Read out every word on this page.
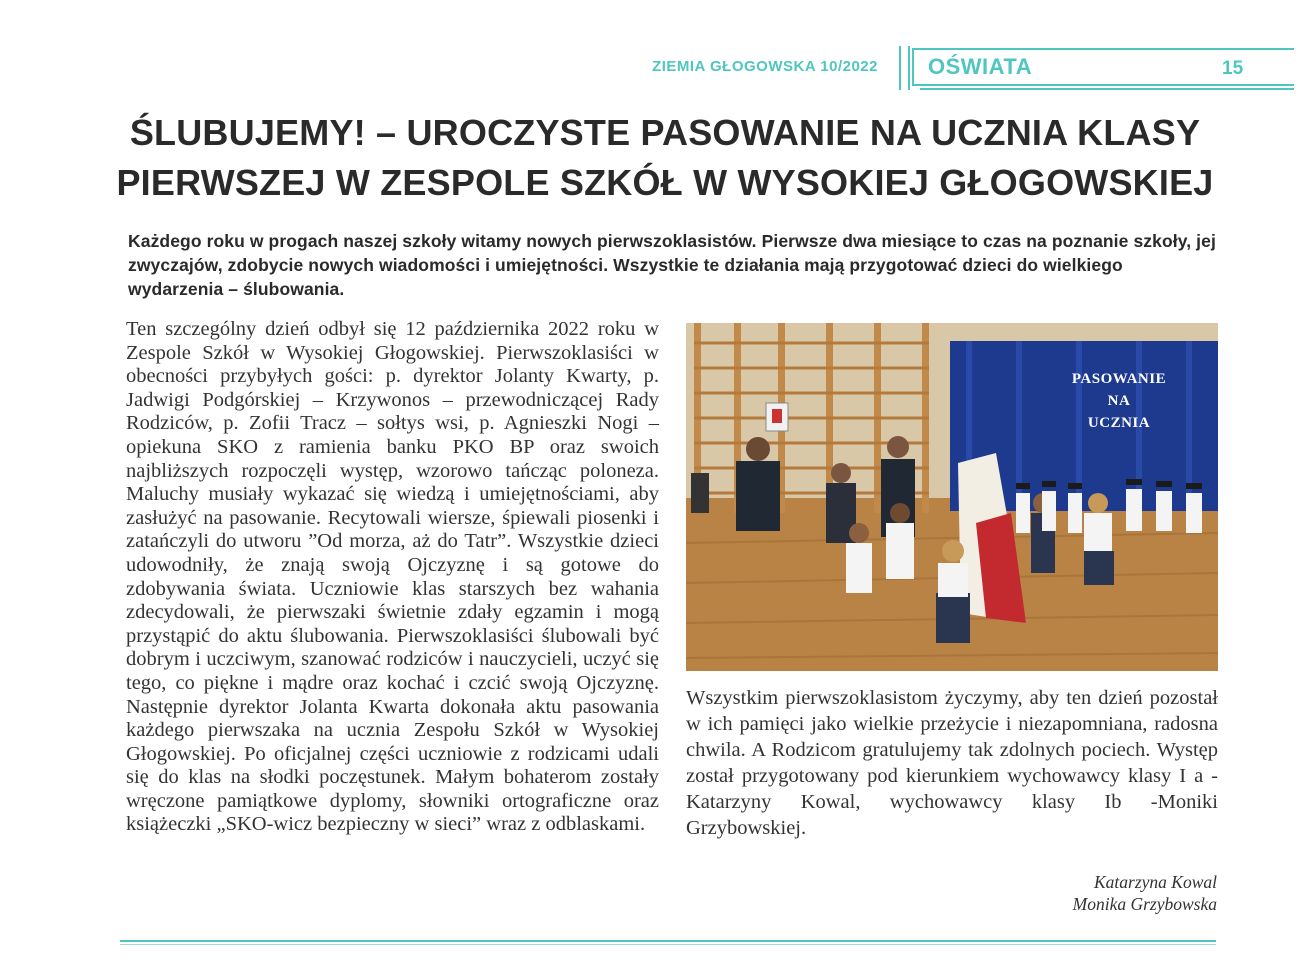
ZIEMIA GŁOGOWSKA 10/2022 OŚWIATA	15
ŚLUBUJEMY! – UROCZYSTE PASOWANIE NA UCZNIA KLASY PIERWSZEJ W ZESPOLE SZKÓŁ W WYSOKIEJ GŁOGOWSKIEJ

Każdego roku w progach naszej szkoły witamy nowych pierwszoklasistów. Pierwsze dwa miesiące to czas na poznanie szkoły, jej zwyczajów, zdobycie nowych wiadomości i umiejętności. Wszystkie te działania mają przygotować dzieci do wielkiego wydarzenia – ślubowania.

Ten szczególny dzień odbył się 12 października 2022 roku w Zespole Szkół w Wysokiej Głogowskiej. Pierwszoklasiści w obecności przybyłych gości: p. dyrektor Jolanty Kwarty, p. Jadwigi Podgórskiej – Krzywonos – przewodniczącej Rady Rodziców, p. Zofii Tracz – sołtys wsi, p. Agnieszki Nogi – opiekuna SKO z ramienia banku PKO BP oraz swoich najbliższych rozpoczęli występ, wzorowo tańcząc poloneza. Maluchy musiały wykazać się wiedzą i umiejętnościami, aby zasłużyć na pasowanie. Recytowali wiersze, śpiewali piosenki i zatańczyli do utworu ”Od morza, aż do Tatr”. Wszystkie dzieci udowodniły, że znają swoją Ojczyznę i są gotowe do zdobywania świata. Uczniowie klas starszych bez wahania zdecydowali, że pierwszaki świetnie zdały egzamin i mogą przystąpić do aktu ślubowania. Pierwszoklasiści ślubowali być dobrym i uczciwym, szanować rodziców i nauczycieli, uczyć się tego, co piękne i mądre oraz kochać i czcić swoją Ojczyznę. Następnie dyrektor Jolanta Kwarta dokonała aktu pasowania każdego pierwszaka na ucznia Zespołu Szkół w Wysokiej Głogowskiej. Po oficjalnej części uczniowie z rodzicami udali się do klas na słodki poczęstunek. Małym bohaterom zostały wręczone pamiątkowe dyplomy, słowniki ortograficzne oraz książeczki „SKO-wicz bezpieczny w sieci” wraz z odblaskami.

PASOWANIE
NA
UCZNIA

Wszystkim pierwszoklasistom życzymy, aby ten dzień pozostał w ich pamięci jako wielkie przeżycie i niezapomniana, radosna chwila. A Rodzicom gratulujemy tak zdolnych pociech. Występ został przygotowany pod kierunkiem wychowawcy klasy I a -Katarzyny Kowal, wychowawcy klasy Ib -Moniki Grzybowskiej.

Katarzyna Kowal
Monika Grzybowska
